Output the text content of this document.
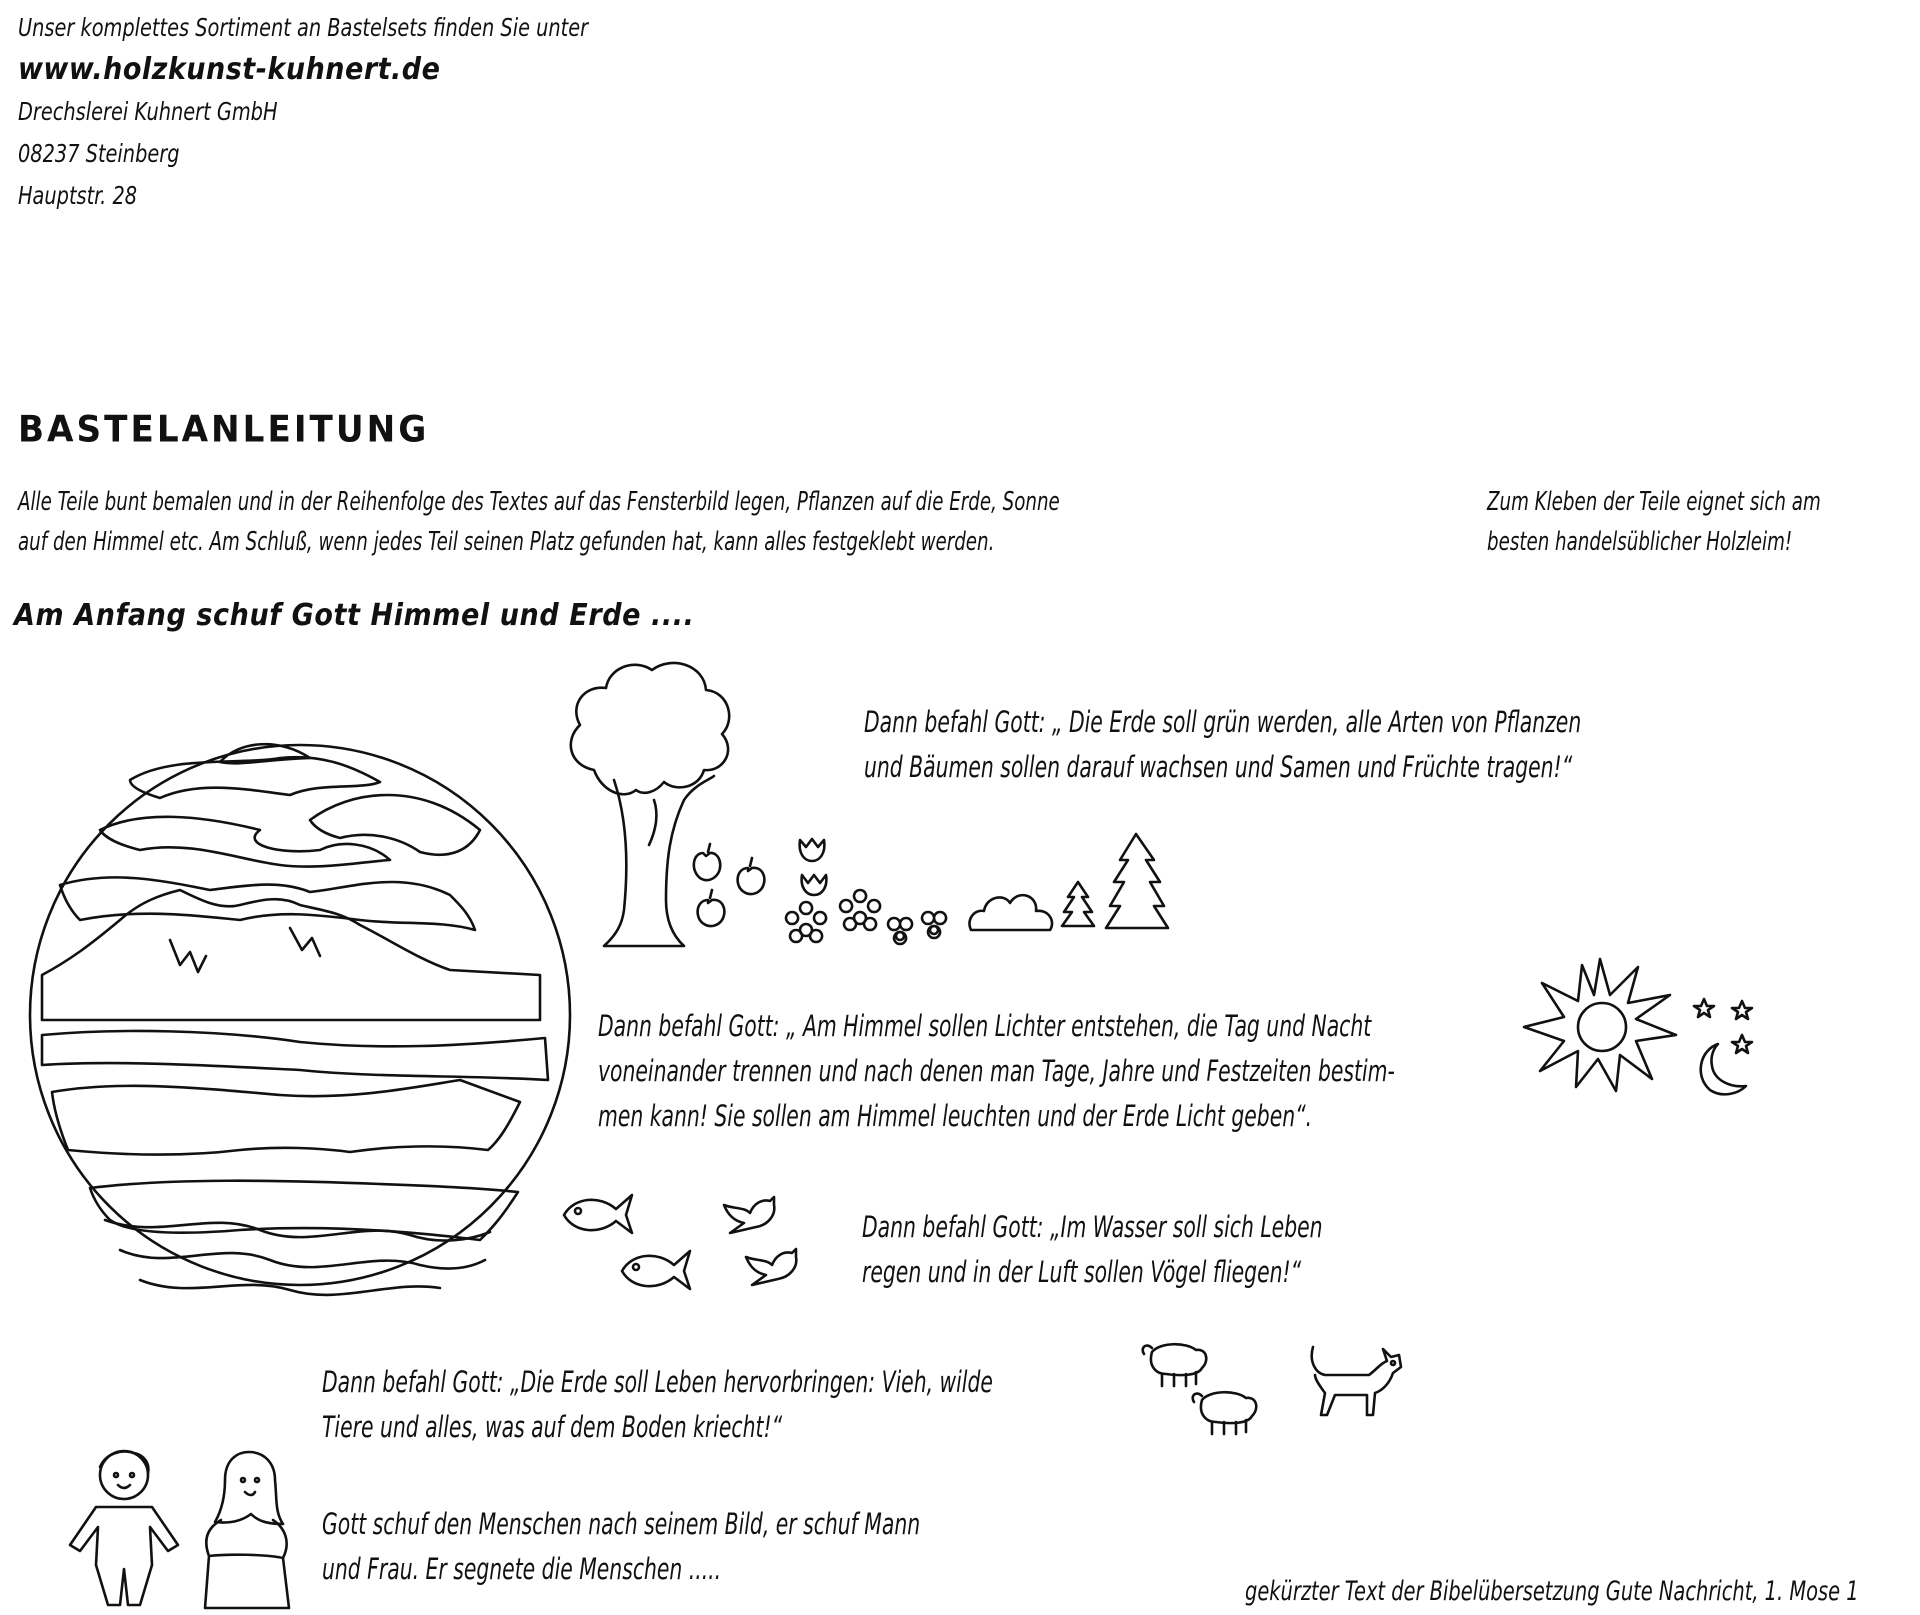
Unser komplettes Sortiment an Bastelsets finden Sie unter
www.holzkunst-kuhnert.de
Drechslerei Kuhnert GmbH
08237 Steinberg
Hauptstr. 28
BASTELANLEITUNG
Alle Teile bunt bemalen und in der Reihenfolge des Textes auf das Fensterbild legen, Pflanzen auf die Erde, Sonne
auf den Himmel etc. Am Schluß, wenn jedes Teil seinen Platz gefunden hat, kann alles festgeklebt werden.
Zum Kleben der Teile eignet sich am
besten handelsüblicher Holzleim!
Am Anfang schuf Gott Himmel und Erde ....
Dann befahl Gott: „ Die Erde soll grün werden, alle Arten von Pflanzen
und Bäumen sollen darauf wachsen und Samen und Früchte tragen!“
Dann befahl Gott: „ Am Himmel sollen Lichter entstehen, die Tag und Nacht
voneinander trennen und nach denen man Tage, Jahre und Festzeiten bestim-
men kann! Sie sollen am Himmel leuchten und der Erde Licht geben“.
Dann befahl Gott: „Im Wasser soll sich Leben
regen und in der Luft sollen Vögel fliegen!“
Dann befahl Gott: „Die Erde soll Leben hervorbringen: Vieh, wilde
Tiere und alles, was auf dem Boden kriecht!“
Gott schuf den Menschen nach seinem Bild, er schuf Mann
und Frau. Er segnete die Menschen .....
gekürzter Text der Bibelübersetzung Gute Nachricht, 1. Mose 1
